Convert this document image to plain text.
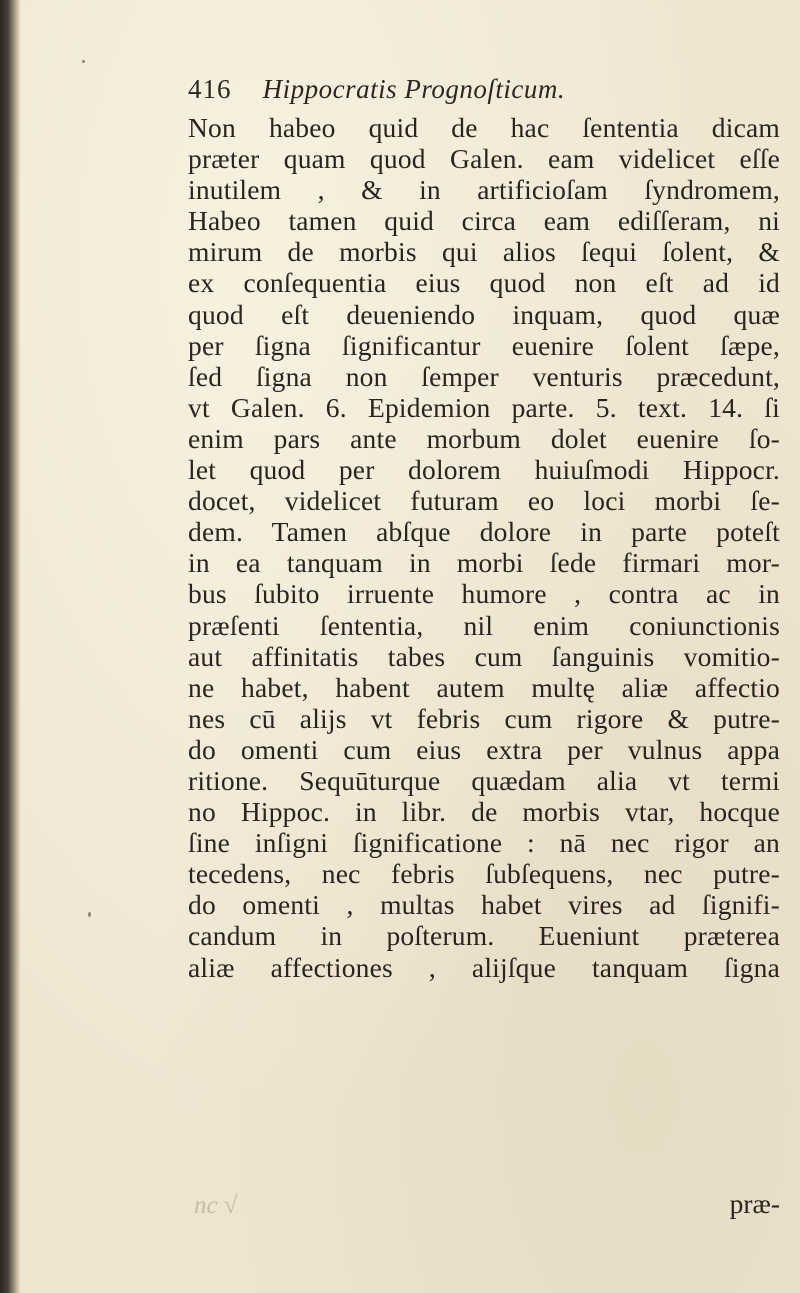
416 Hippocratis Prognoſticum.
Non habeo quid de hac ſententia dicam
præter quam quod Galen. eam videlicet eſſe
inutilem , & in artificioſam ſyndromem,
Habeo tamen quid circa eam ediſſeram, ni
mirum de morbis qui alios ſequi ſolent, &
ex conſequentia eius quod non eſt ad id
quod eſt deueniendo inquam, quod quæ
per ſigna ſignificantur euenire ſolent ſæpe,
ſed ſigna non ſemper venturis præcedunt,
vt Galen. 6. Epidemion parte. 5. text. 14. ſi
enim pars ante morbum dolet euenire ſo-
let quod per dolorem huiuſmodi Hippocr.
docet, videlicet futuram eo loci morbi ſe-
dem. Tamen abſque dolore in parte poteſt
in ea tanquam in morbi ſede firmari mor-
bus ſubito irruente humore , contra ac in
præſenti ſententia, nil enim coniunctionis
aut affinitatis tabes cum ſanguinis vomitio-
ne habet, habent autem multę aliæ affectio
nes cū alijs vt febris cum rigore & putre-
do omenti cum eius extra per vulnus appa
ritione. Sequūturque quædam alia vt termi
no Hippoc. in libr. de morbis vtar, hocque
ſine inſigni ſignificatione : nā nec rigor an
tecedens, nec febris ſubſequens, nec putre-
do omenti , multas habet vires ad ſignifi-
candum in poſterum. Eueniunt præterea
aliæ affectiones , alijſque tanquam ſigna
nc √	præ-
